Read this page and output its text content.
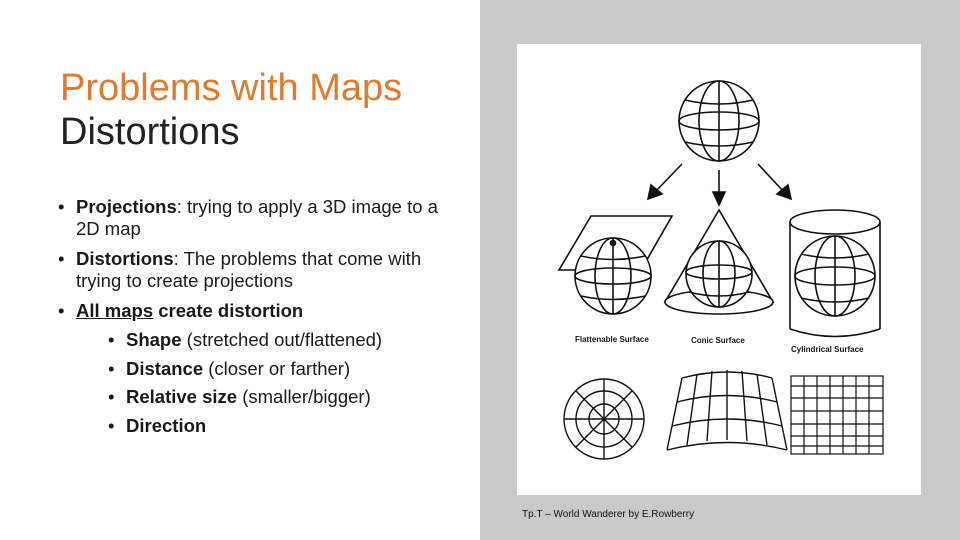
Problems with Maps
Distortions
• Projections: trying to apply a 3D image to a 2D map
• Distortions: The problems that come with trying to create projections
• All maps create distortion
• Shape (stretched out/flattened)
• Distance (closer or farther)
• Relative size (smaller/bigger)
• Direction
Flattenable Surface	Conic Surface
Cylindrical Surface
Tp.T – World Wanderer by E.Rowberry
